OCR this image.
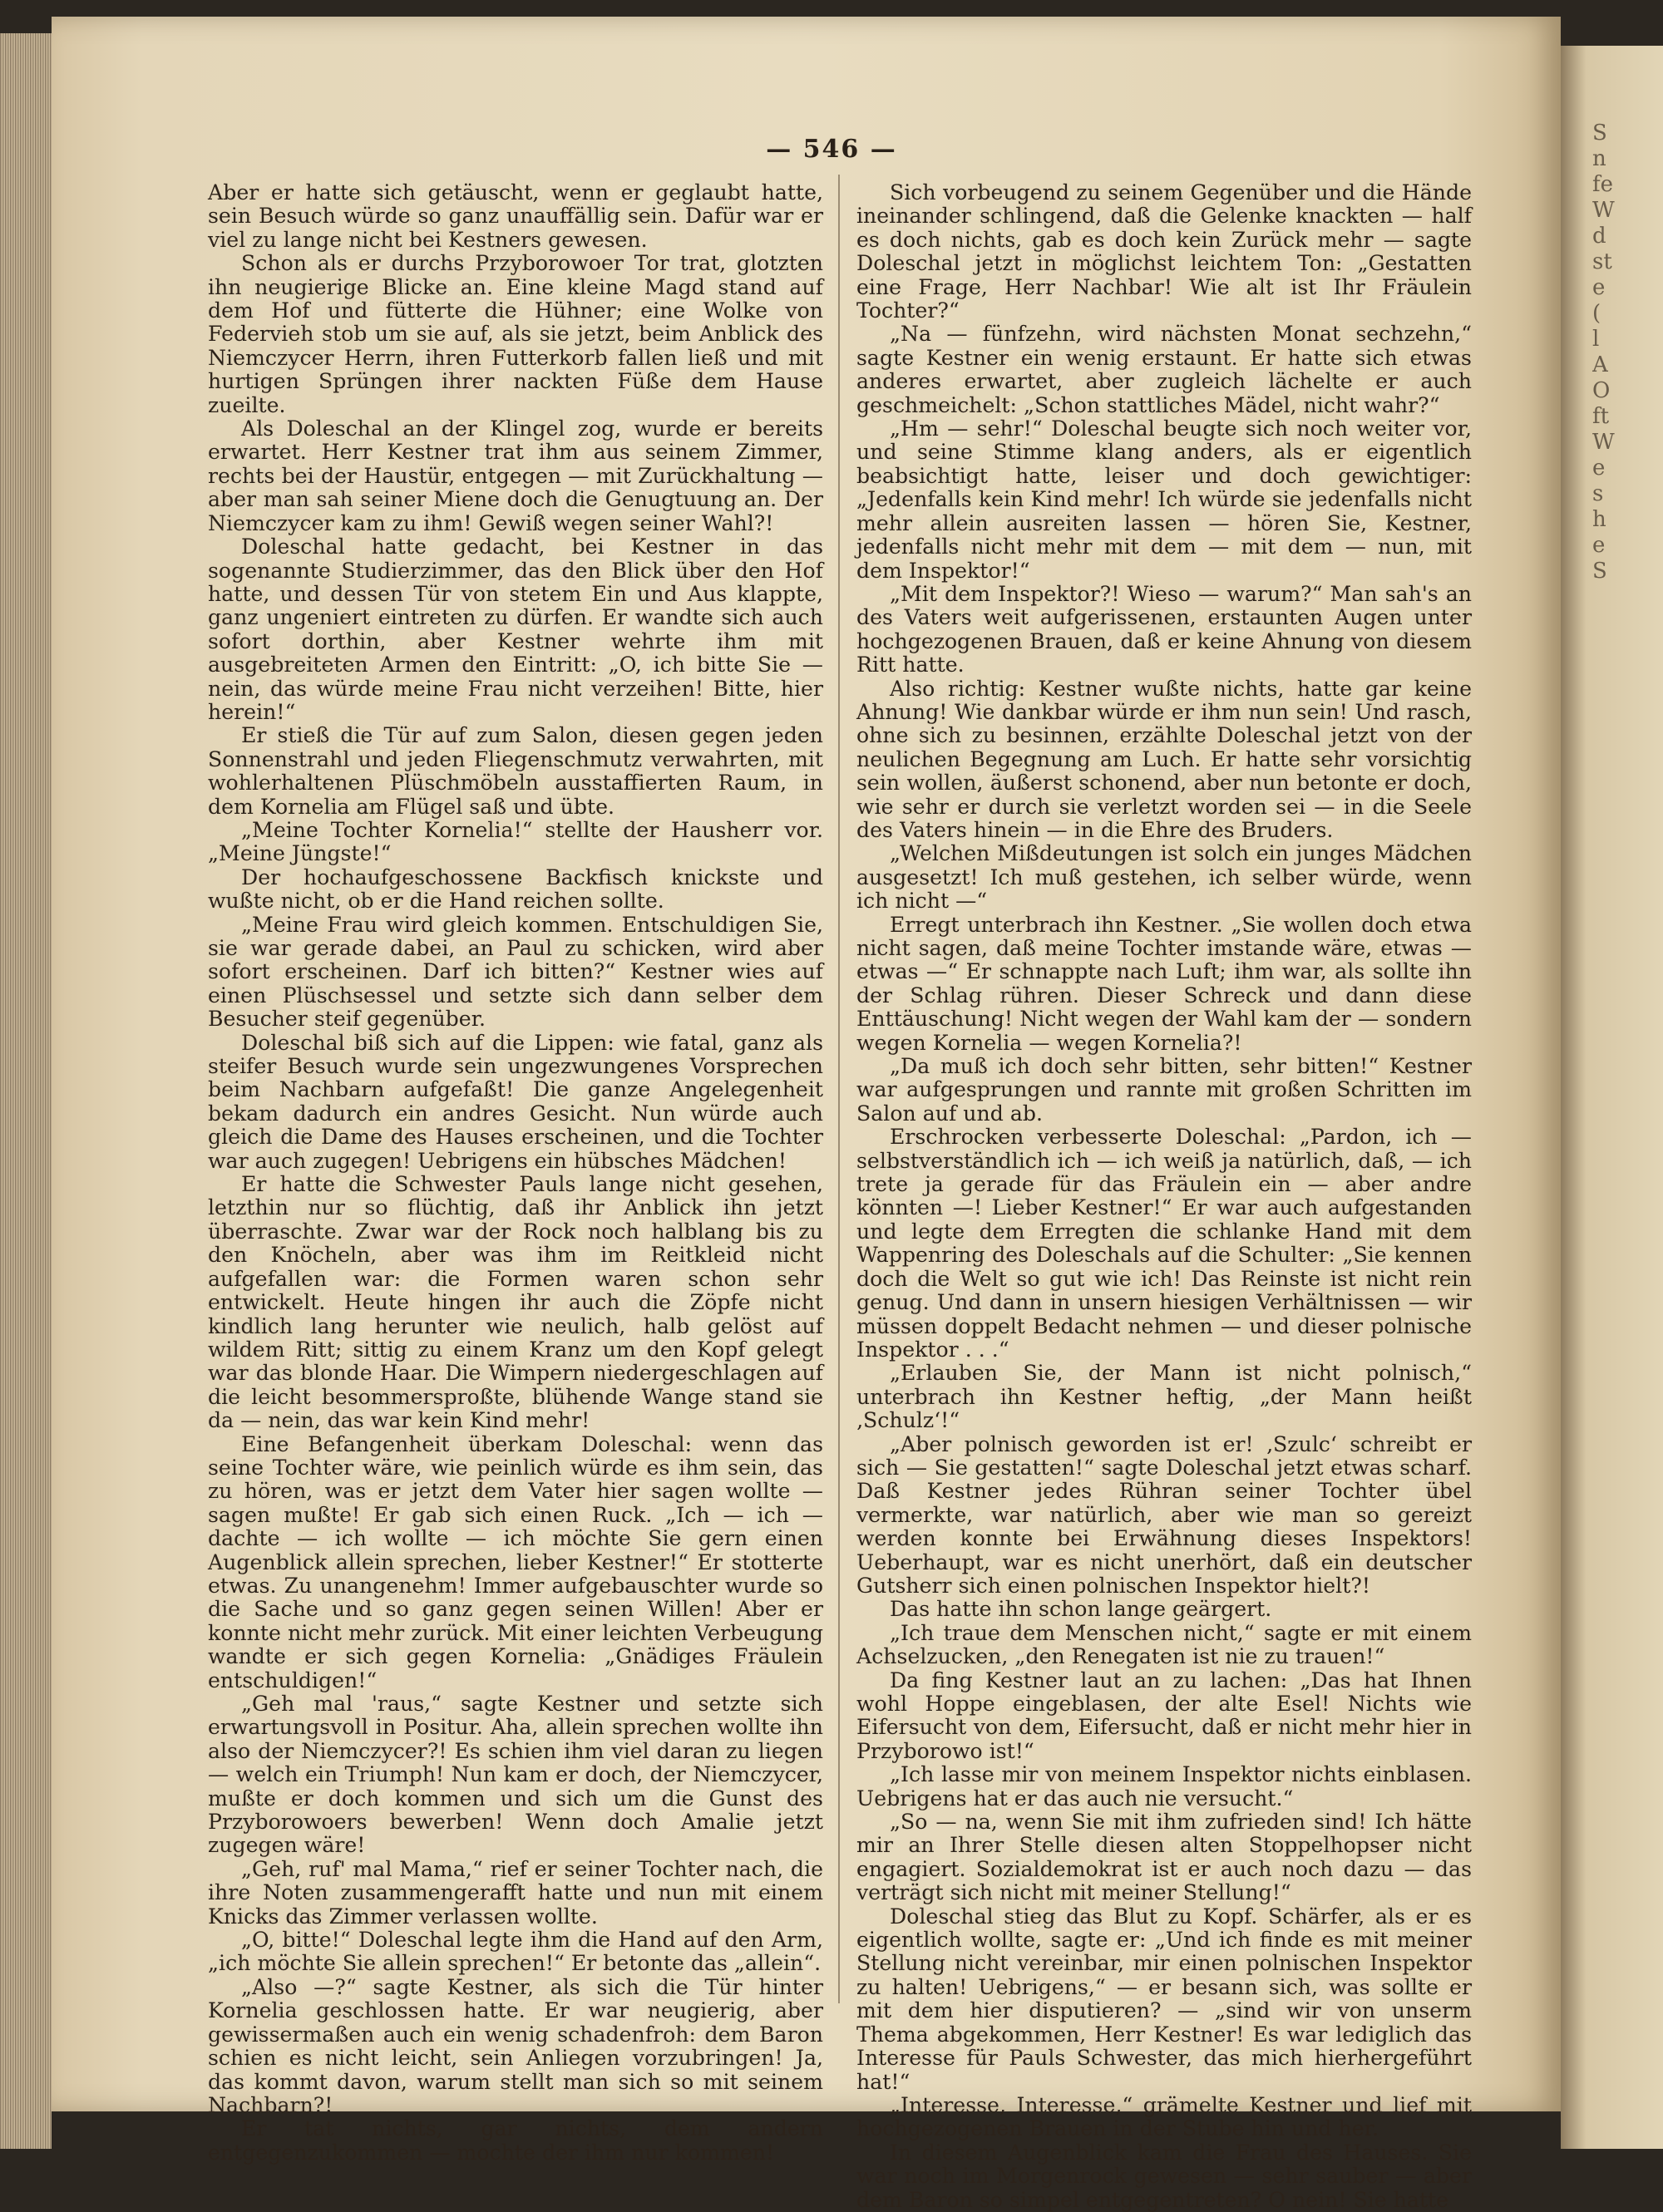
S
n
fe
W
d
st
e
(
l
A
O
ft
W
e
s
h
e
S
— 546 —

Aber er hatte sich getäuscht, wenn er geglaubt hatte, sein Besuch würde so ganz unauffällig sein. Dafür war er viel zu lange nicht bei Kestners gewesen.

Schon als er durchs Przyborowoer Tor trat, glotzten ihn neugierige Blicke an. Eine kleine Magd stand auf dem Hof und fütterte die Hühner; eine Wolke von Federvieh stob um sie auf, als sie jetzt, beim Anblick des Niemczycer Herrn, ihren Futterkorb fallen ließ und mit hurtigen Sprüngen ihrer nackten Füße dem Hause zueilte.

Als Doleschal an der Klingel zog, wurde er bereits erwartet. Herr Kestner trat ihm aus seinem Zimmer, rechts bei der Haustür, entgegen — mit Zurückhaltung — aber man sah seiner Miene doch die Genugtuung an. Der Niemczycer kam zu ihm! Gewiß wegen seiner Wahl?!

Doleschal hatte gedacht, bei Kestner in das sogenannte Studierzimmer, das den Blick über den Hof hatte, und dessen Tür von stetem Ein und Aus klappte, ganz ungeniert eintreten zu dürfen. Er wandte sich auch sofort dorthin, aber Kestner wehrte ihm mit ausgebreiteten Armen den Eintritt: „O, ich bitte Sie — nein, das würde meine Frau nicht verzeihen! Bitte, hier herein!“

Er stieß die Tür auf zum Salon, diesen gegen jeden Sonnenstrahl und jeden Fliegenschmutz verwahrten, mit wohlerhaltenen Plüschmöbeln ausstaffierten Raum, in dem Kornelia am Flügel saß und übte.

„Meine Tochter Kornelia!“ stellte der Hausherr vor. „Meine Jüngste!“

Der hochaufgeschossene Backfisch knickste und wußte nicht, ob er die Hand reichen sollte.

„Meine Frau wird gleich kommen. Entschuldigen Sie, sie war gerade dabei, an Paul zu schicken, wird aber sofort erscheinen. Darf ich bitten?“ Kestner wies auf einen Plüschsessel und setzte sich dann selber dem Besucher steif gegenüber.

Doleschal biß sich auf die Lippen: wie fatal, ganz als steifer Besuch wurde sein ungezwungenes Vorsprechen beim Nachbarn aufgefaßt! Die ganze Angelegenheit bekam dadurch ein andres Gesicht. Nun würde auch gleich die Dame des Hauses erscheinen, und die Tochter war auch zugegen! Uebrigens ein hübsches Mädchen!

Er hatte die Schwester Pauls lange nicht gesehen, letzthin nur so flüchtig, daß ihr Anblick ihn jetzt überraschte. Zwar war der Rock noch halblang bis zu den Knöcheln, aber was ihm im Reitkleid nicht aufgefallen war: die Formen waren schon sehr entwickelt. Heute hingen ihr auch die Zöpfe nicht kindlich lang herunter wie neulich, halb gelöst auf wildem Ritt; sittig zu einem Kranz um den Kopf gelegt war das blonde Haar. Die Wimpern niedergeschlagen auf die leicht besommersproßte, blühende Wange stand sie da — nein, das war kein Kind mehr!

Eine Befangenheit überkam Doleschal: wenn das seine Tochter wäre, wie peinlich würde es ihm sein, das zu hören, was er jetzt dem Vater hier sagen wollte — sagen mußte! Er gab sich einen Ruck. „Ich — ich — dachte — ich wollte — ich möchte Sie gern einen Augenblick allein sprechen, lieber Kestner!“ Er stotterte etwas. Zu unangenehm! Immer aufgebauschter wurde so die Sache und so ganz gegen seinen Willen! Aber er konnte nicht mehr zurück. Mit einer leichten Verbeugung wandte er sich gegen Kornelia: „Gnädiges Fräulein entschuldigen!“

„Geh mal 'raus,“ sagte Kestner und setzte sich erwartungsvoll in Positur. Aha, allein sprechen wollte ihn also der Niemczycer?! Es schien ihm viel daran zu liegen — welch ein Triumph! Nun kam er doch, der Niemczycer, mußte er doch kommen und sich um die Gunst des Przyborowoers bewerben! Wenn doch Amalie jetzt zugegen wäre!

„Geh, ruf' mal Mama,“ rief er seiner Tochter nach, die ihre Noten zusammengerafft hatte und nun mit einem Knicks das Zimmer verlassen wollte.

„O, bitte!“ Doleschal legte ihm die Hand auf den Arm, „ich möchte Sie allein sprechen!“ Er betonte das „allein“.

„Also —?“ sagte Kestner, als sich die Tür hinter Kornelia geschlossen hatte. Er war neugierig, aber gewissermaßen auch ein wenig schadenfroh: dem Baron schien es nicht leicht, sein Anliegen vorzubringen! Ja, das kommt davon, warum stellt man sich so mit seinem Nachbarn?!

Er tat nichts, gar nichts, dem andern entgegenzukommen — mochte der ihm nur kommen!

Sich vorbeugend zu seinem Gegenüber und die Hände ineinander schlingend, daß die Gelenke knackten — half es doch nichts, gab es doch kein Zurück mehr — sagte Doleschal jetzt in möglichst leichtem Ton: „Gestatten eine Frage, Herr Nachbar! Wie alt ist Ihr Fräulein Tochter?“

„Na — fünfzehn, wird nächsten Monat sechzehn,“ sagte Kestner ein wenig erstaunt. Er hatte sich etwas anderes erwartet, aber zugleich lächelte er auch geschmeichelt: „Schon stattliches Mädel, nicht wahr?“

„Hm — sehr!“ Doleschal beugte sich noch weiter vor, und seine Stimme klang anders, als er eigentlich beabsichtigt hatte, leiser und doch gewichtiger: „Jedenfalls kein Kind mehr! Ich würde sie jedenfalls nicht mehr allein ausreiten lassen — hören Sie, Kestner, jedenfalls nicht mehr mit dem — mit dem — nun, mit dem Inspektor!“

„Mit dem Inspektor?! Wieso — warum?“ Man sah's an des Vaters weit aufgerissenen, erstaunten Augen unter hochgezogenen Brauen, daß er keine Ahnung von diesem Ritt hatte.

Also richtig: Kestner wußte nichts, hatte gar keine Ahnung! Wie dankbar würde er ihm nun sein! Und rasch, ohne sich zu besinnen, erzählte Doleschal jetzt von der neulichen Begegnung am Luch. Er hatte sehr vorsichtig sein wollen, äußerst schonend, aber nun betonte er doch, wie sehr er durch sie verletzt worden sei — in die Seele des Vaters hinein — in die Ehre des Bruders.

„Welchen Mißdeutungen ist solch ein junges Mädchen ausgesetzt! Ich muß gestehen, ich selber würde, wenn ich nicht —“

Erregt unterbrach ihn Kestner. „Sie wollen doch etwa nicht sagen, daß meine Tochter imstande wäre, etwas — etwas —“ Er schnappte nach Luft; ihm war, als sollte ihn der Schlag rühren. Dieser Schreck und dann diese Enttäuschung! Nicht wegen der Wahl kam der — sondern wegen Kornelia — wegen Kornelia?!

„Da muß ich doch sehr bitten, sehr bitten!“ Kestner war aufgesprungen und rannte mit großen Schritten im Salon auf und ab.

Erschrocken verbesserte Doleschal: „Pardon, ich — selbstverständlich ich — ich weiß ja natürlich, daß, — ich trete ja gerade für das Fräulein ein — aber andre könnten —! Lieber Kestner!“ Er war auch aufgestanden und legte dem Erregten die schlanke Hand mit dem Wappenring des Doleschals auf die Schulter: „Sie kennen doch die Welt so gut wie ich! Das Reinste ist nicht rein genug. Und dann in unsern hiesigen Verhältnissen — wir müssen doppelt Bedacht nehmen — und dieser polnische Inspektor . . .“

„Erlauben Sie, der Mann ist nicht polnisch,“ unterbrach ihn Kestner heftig, „der Mann heißt ‚Schulz‘!“

„Aber polnisch geworden ist er! ‚Szulc‘ schreibt er sich — Sie gestatten!“ sagte Doleschal jetzt etwas scharf. Daß Kestner jedes Rühran seiner Tochter übel vermerkte, war natürlich, aber wie man so gereizt werden konnte bei Erwähnung dieses Inspektors! Ueberhaupt, war es nicht unerhört, daß ein deutscher Gutsherr sich einen polnischen Inspektor hielt?!

Das hatte ihn schon lange geärgert.

„Ich traue dem Menschen nicht,“ sagte er mit einem Achselzucken, „den Renegaten ist nie zu trauen!“

Da fing Kestner laut an zu lachen: „Das hat Ihnen wohl Hoppe eingeblasen, der alte Esel! Nichts wie Eifersucht von dem, Eifersucht, daß er nicht mehr hier in Przyborowo ist!“

„Ich lasse mir von meinem Inspektor nichts einblasen. Uebrigens hat er das auch nie versucht.“

„So — na, wenn Sie mit ihm zufrieden sind! Ich hätte mir an Ihrer Stelle diesen alten Stoppelhopser nicht engagiert. Sozialdemokrat ist er auch noch dazu — das verträgt sich nicht mit meiner Stellung!“

Doleschal stieg das Blut zu Kopf. Schärfer, als er es eigentlich wollte, sagte er: „Und ich finde es mit meiner Stellung nicht vereinbar, mir einen polnischen Inspektor zu halten! Uebrigens,“ — er besann sich, was sollte er mit dem hier disputieren? — „sind wir von unserm Thema abgekommen, Herr Kestner! Es war lediglich das Interesse für Pauls Schwester, das mich hierhergeführt hat!“

„Interesse, Interesse,“ grämelte Kestner und lief mit hochgezogenen Brauen in der Stube hin und her.

In diesem Augenblick kam die Frau des Hauses. Sie war noch im Morgenrock gewesen — sehr sauber — aber dem Baron so simpel entgegentreten? O nein! Sie hatte
